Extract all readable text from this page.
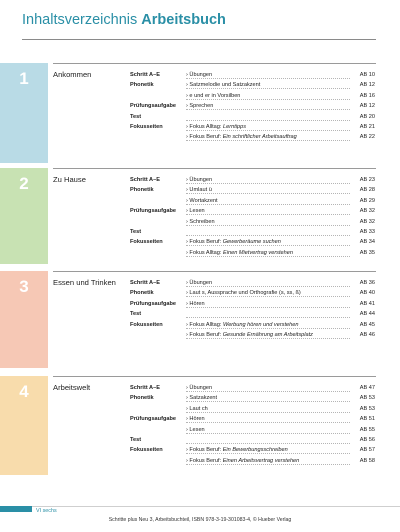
Inhaltsverzeichnis Arbeitsbuch
1	Ankommen	Schritt A–E	› Übungen	AB 10
Phonetik	› Satzmelodie und Satzakzent	AB 12
› e und er in Vorsilben	AB 16
Prüfungsaufgabe › Sprechen	AB 12
Test	AB 20
Fokusseiten	› Fokus Alltag: Lerntipps	AB 21
› Fokus Beruf: Ein schriftlicher Arbeitsauftrag	AB 22
2	Zu Hause	Schritt A–E	› Übungen	AB 23
Phonetik	› Umlaut ü	AB 28
› Wortakzent	AB 29
Prüfungsaufgabe › Lesen	AB 32
› Schreiben	AB 32
Test	AB 33
Fokusseiten	› Fokus Beruf: Gewerberäume suchen	AB 34
› Fokus Alltag: Einen Mietvertrag verstehen	AB 35
3	Essen und Trinken	Schritt A–E	› Übungen	AB 36
Phonetik	› Laut s, Aussprache und Orthografie (s, ss, ß)	AB 40
Prüfungsaufgabe › Hören	AB 41
Test	AB 44
Fokusseiten	› Fokus Alltag: Werbung hören und verstehen	AB 45
› Fokus Beruf: Gesunde Ernährung am Arbeitsplatz	AB 46
4	Arbeitswelt	Schritt A–E	› Übungen	AB 47
Phonetik	› Satzakzent	AB 53
› Laut ch	AB 53
Prüfungsaufgabe › Hören	AB 51
› Lesen	AB 55
Test	AB 56
Fokusseiten	› Fokus Beruf: Ein Bewerbungsschreiben	AB 57
› Fokus Beruf: Einen Arbeitsvertrag verstehen	AB 58
VI sechs
Schritte plus Neu 3, Arbeitsbuchteil, ISBN 978-3-19-301083-4, © Hueber Verlag
